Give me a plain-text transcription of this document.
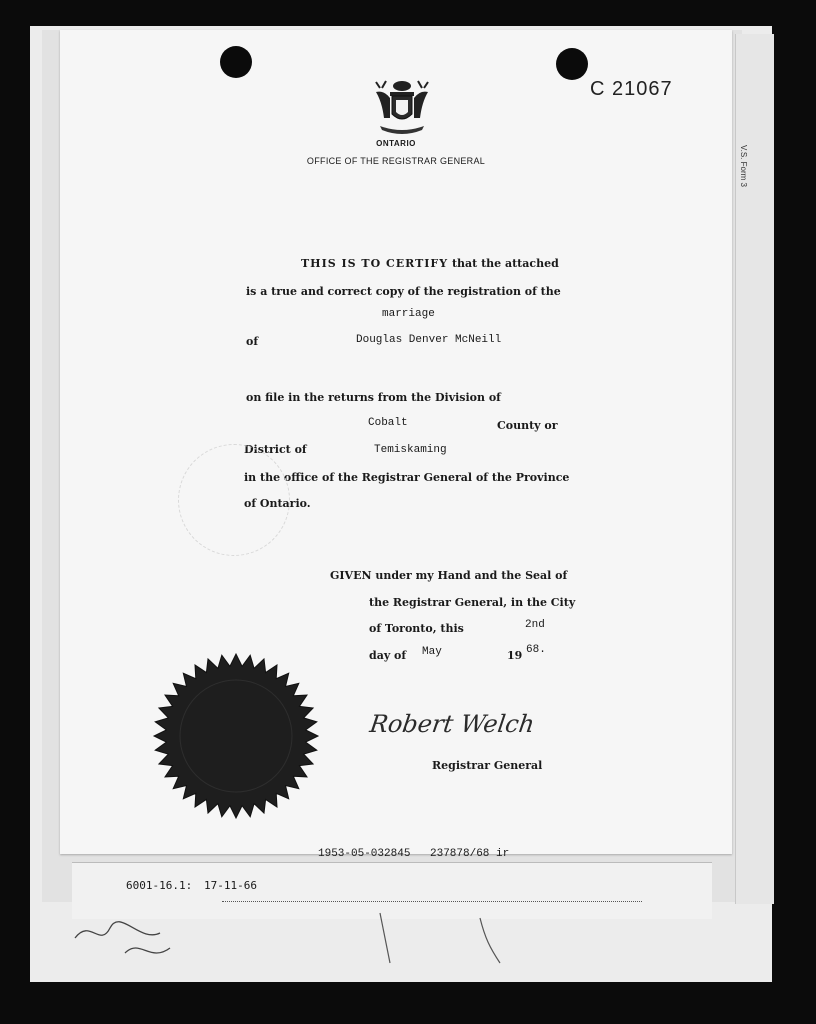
V.S. Form 3
6001-16.1: 17-11-66
C 21067
ONTARIO
OFFICE OF THE REGISTRAR GENERAL
THIS IS TO CERTIFY that the attached
is a true and correct copy of the registration of the
marriage
of	Douglas Denver McNeill
on file in the returns from the Division of
Cobalt	County or
District of	Temiskaming
in the office of the Registrar General of the Province
of Ontario.
GIVEN under my Hand and the Seal of
the Registrar General, in the City
of Toronto, this	2nd
day of May	19 68.
Robert Welch
Registrar General
1953-05-032845 237878/68 ir
